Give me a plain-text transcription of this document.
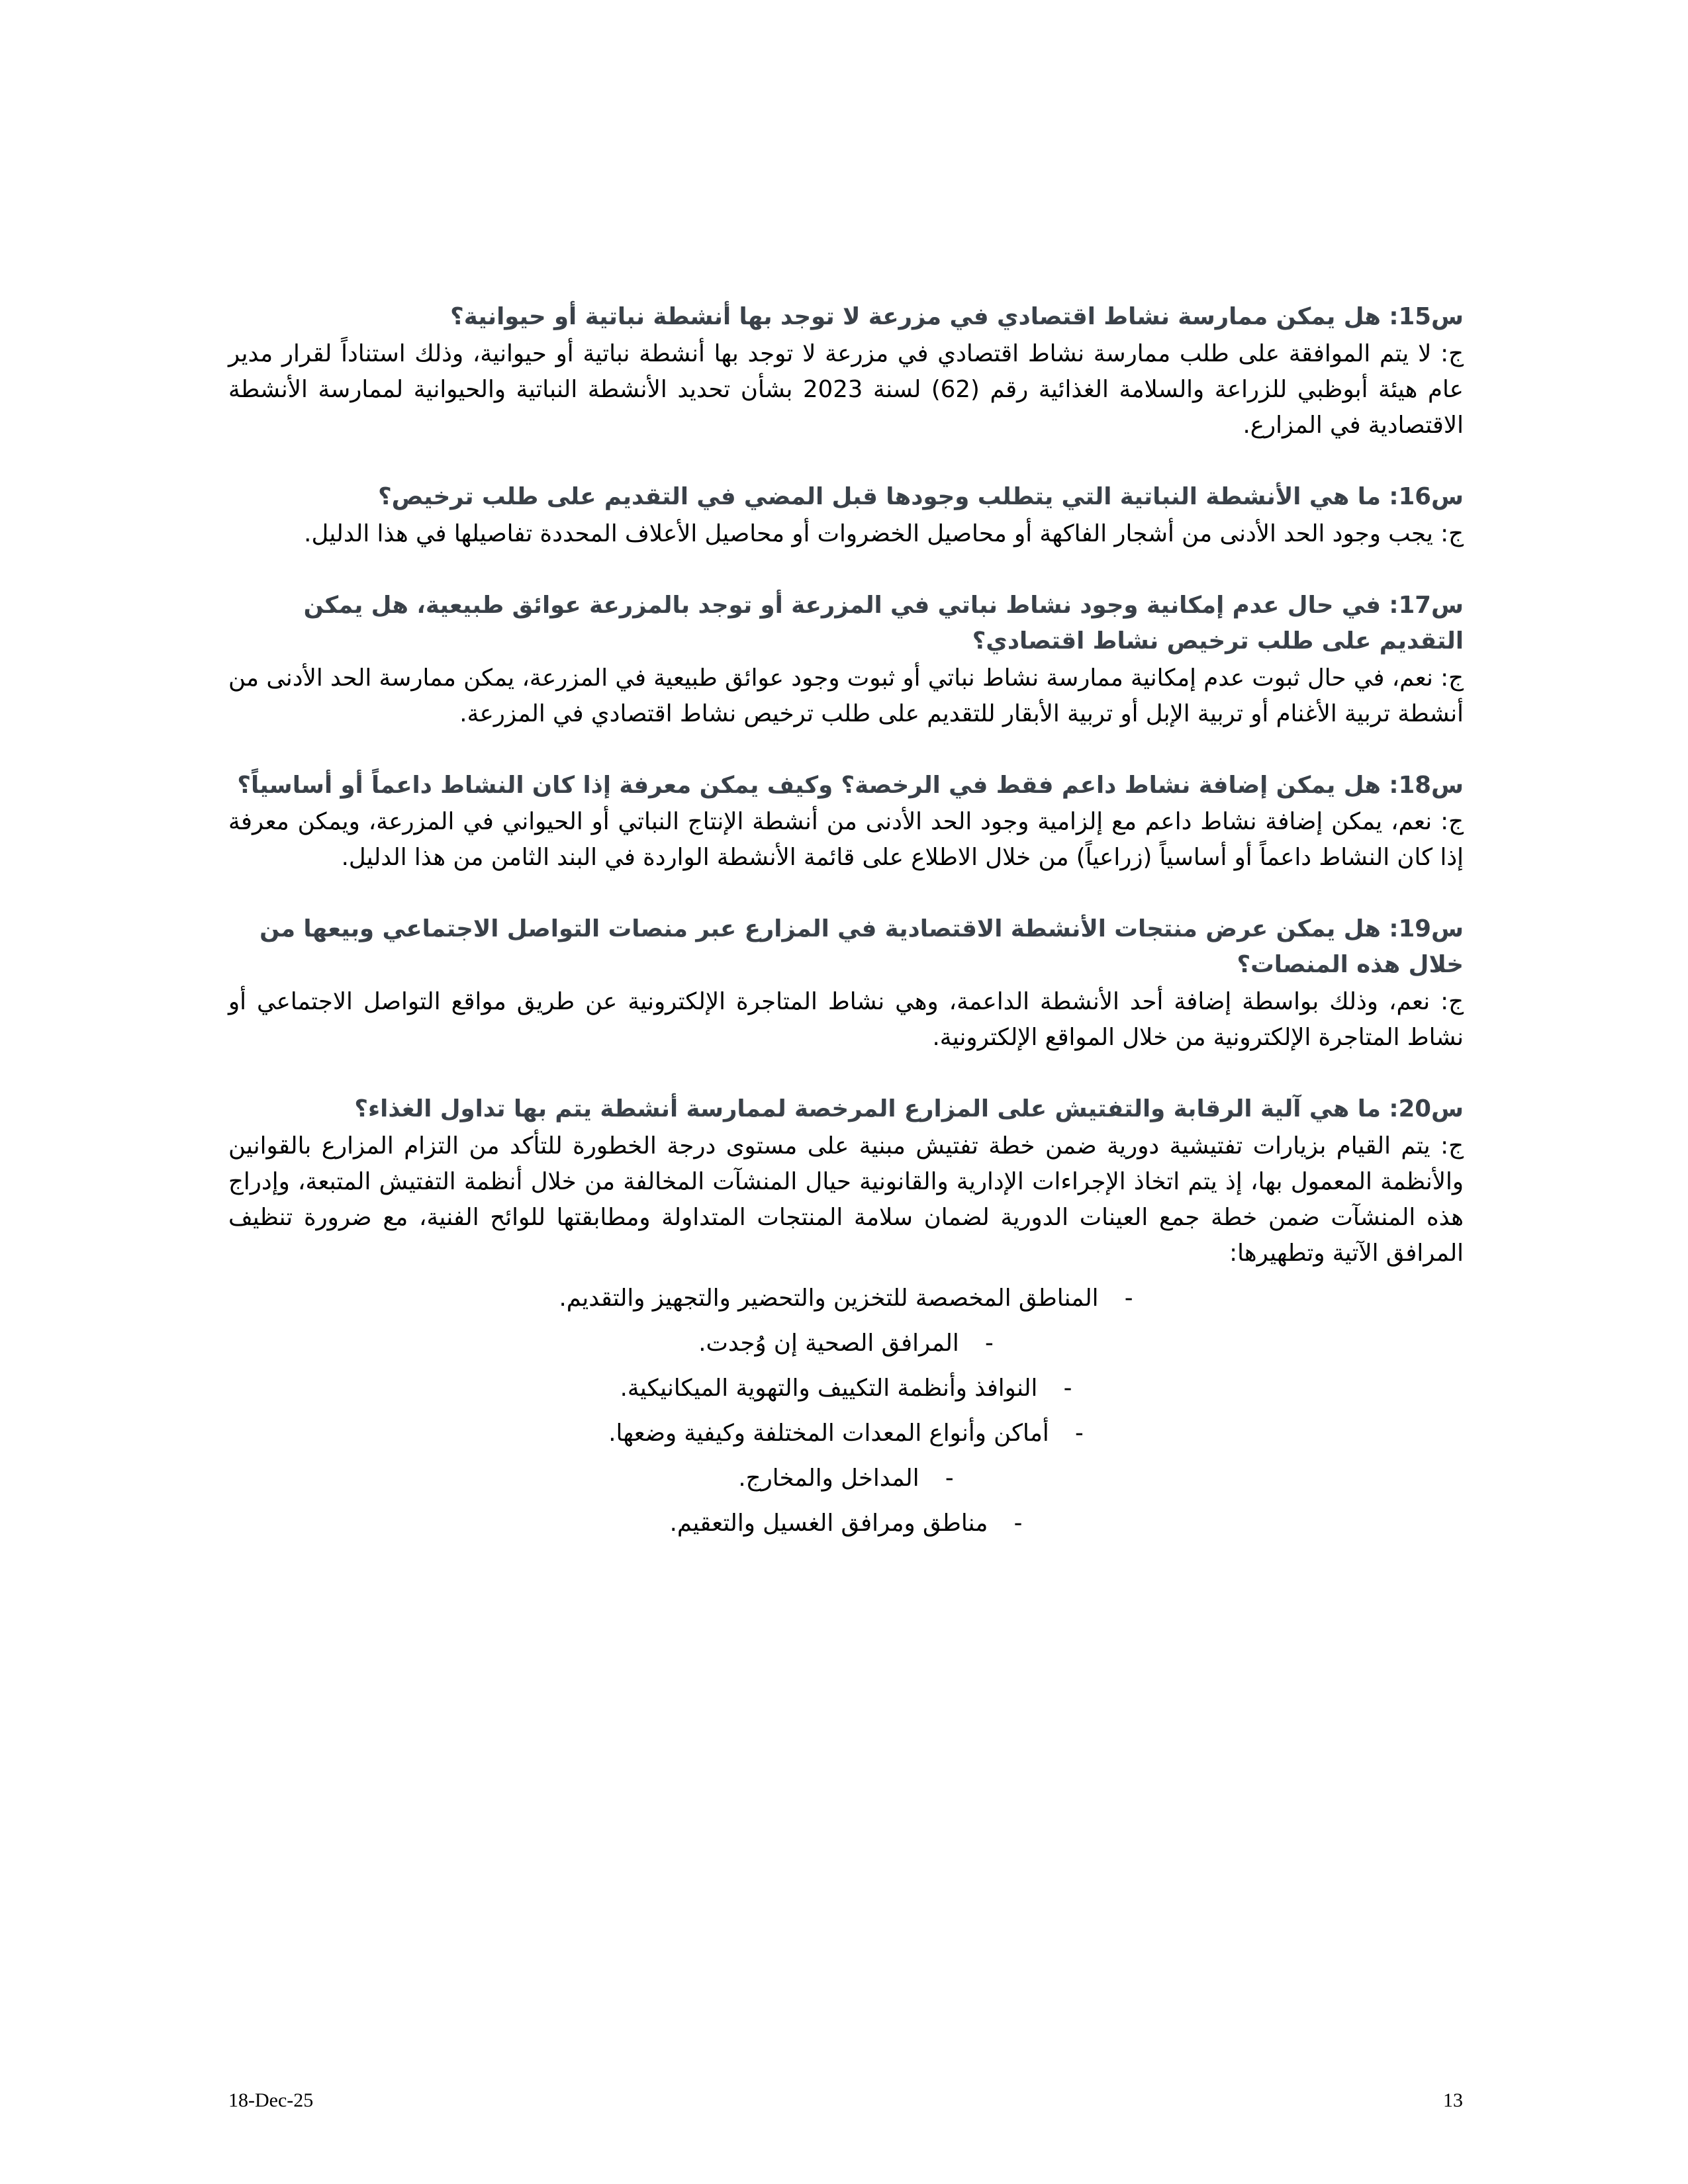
س15: هل يمكن ممارسة نشاط اقتصادي في مزرعة لا توجد بها أنشطة نباتية أو حيوانية؟

ج: لا يتم الموافقة على طلب ممارسة نشاط اقتصادي في مزرعة لا توجد بها أنشطة نباتية أو حيوانية، وذلك استناداً لقرار مدير عام هيئة أبوظبي للزراعة والسلامة الغذائية رقم (62) لسنة 2023 بشأن تحديد الأنشطة النباتية والحيوانية لممارسة الأنشطة الاقتصادية في المزارع.

س16: ما هي الأنشطة النباتية التي يتطلب وجودها قبل المضي في التقديم على طلب ترخيص؟

ج: يجب وجود الحد الأدنى من أشجار الفاكهة أو محاصيل الخضروات أو محاصيل الأعلاف المحددة تفاصيلها في هذا الدليل.

س17: في حال عدم إمكانية وجود نشاط نباتي في المزرعة أو توجد بالمزرعة عوائق طبيعية، هل يمكن التقديم على طلب ترخيص نشاط اقتصادي؟

ج: نعم، في حال ثبوت عدم إمكانية ممارسة نشاط نباتي أو ثبوت وجود عوائق طبيعية في المزرعة، يمكن ممارسة الحد الأدنى من أنشطة تربية الأغنام أو تربية الإبل أو تربية الأبقار للتقديم على طلب ترخيص نشاط اقتصادي في المزرعة.

س18: هل يمكن إضافة نشاط داعم فقط في الرخصة؟ وكيف يمكن معرفة إذا كان النشاط داعماً أو أساسياً؟

ج: نعم، يمكن إضافة نشاط داعم مع إلزامية وجود الحد الأدنى من أنشطة الإنتاج النباتي أو الحيواني في المزرعة، ويمكن معرفة إذا كان النشاط داعماً أو أساسياً (زراعياً) من خلال الاطلاع على قائمة الأنشطة الواردة في البند الثامن من هذا الدليل.

س19: هل يمكن عرض منتجات الأنشطة الاقتصادية في المزارع عبر منصات التواصل الاجتماعي وبيعها من خلال هذه المنصات؟

ج: نعم، وذلك بواسطة إضافة أحد الأنشطة الداعمة، وهي نشاط المتاجرة الإلكترونية عن طريق مواقع التواصل الاجتماعي أو نشاط المتاجرة الإلكترونية من خلال المواقع الإلكترونية.

س20: ما هي آلية الرقابة والتفتيش على المزارع المرخصة لممارسة أنشطة يتم بها تداول الغذاء؟

ج: يتم القيام بزيارات تفتيشية دورية ضمن خطة تفتيش مبنية على مستوى درجة الخطورة للتأكد من التزام المزارع بالقوانين والأنظمة المعمول بها، إذ يتم اتخاذ الإجراءات الإدارية والقانونية حيال المنشآت المخالفة من خلال أنظمة التفتيش المتبعة، وإدراج هذه المنشآت ضمن خطة جمع العينات الدورية لضمان سلامة المنتجات المتداولة ومطابقتها للوائح الفنية، مع ضرورة تنظيف المرافق الآتية وتطهيرها:

-
المناطق المخصصة للتخزين والتحضير والتجهيز والتقديم.
-
المرافق الصحية إن وُجدت.
-
النوافذ وأنظمة التكييف والتهوية الميكانيكية.
-
أماكن وأنواع المعدات المختلفة وكيفية وضعها.
-
المداخل والمخارج.
-
مناطق ومرافق الغسيل والتعقيم.
18-Dec-25	13
